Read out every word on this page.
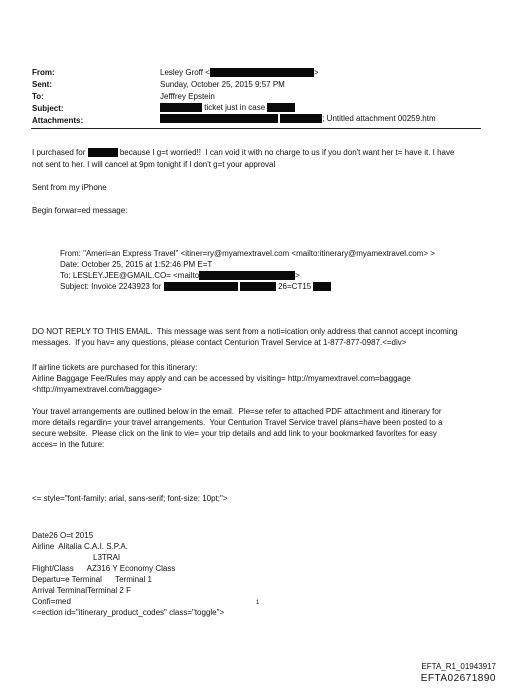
From:	Lesley Groff <	>
Sent:	Sunday, October 25, 2015 9:57 PM
To:	Jefffrey Epstein
Subject:	ticket just in case
Attachments:	; Untitled attachment 00259.htm
I purchased for	because I g=t worried!!  I can void it with no charge to us if you don't want her t= have it. I have
not sent to her. I will cancel at 9pm tonight if I don't g=t your approval
Sent from my iPhone
Begin forwar=ed message:
From: "Ameri=an Express Travel" <itiner=ry@myamextravel.com <mailto:itinerary@myamextravel.com> >
Date: October 25, 2015 at 1:52:46 PM E=T
To: LESLEY.JEE@GMAIL.CO= <mailto	>
Subject: Invoice 2243923 for	26=CT15
DO NOT REPLY TO THIS EMAIL.  This message was sent from a noti=ication only address that cannot accept incoming
messages.  If you hav= any questions, please contact Centurion Travel Service at 1-877-877-0987.<=div>
If airline tickets are purchased for this itinerary:
Airline Baggage Fee/Rules may apply and can be accessed by visiting= http://myamextravel.com=baggage
<http://myamextravel.com/baggage>
Your travel arrangements are outlined below in the email.  Ple=se refer to attached PDF attachment and itinerary for
more details regardin= your travel arrangements.  Your Centurion Travel Service travel plans=have been posted to a
secure website.  Please click on the link to vie= your trip details and add link to your bookmarked favorites for easy
acces= in the future:
<= style="font-family: arial, sans-serif; font-size: 10pt;">
Date26 O=t 2015
Airline  Alitalia C.A.I. S.P.A.
L3TRAI
Flight/Class      AZ316 Y Economy Class
Departu=e Terminal      Terminal 1
Arrival TerminalTerminal 2 F
Confi=med
<=ection id="itinerary_product_codes" class="toggle">
1
EFTA_R1_01943917
EFTA02671890
